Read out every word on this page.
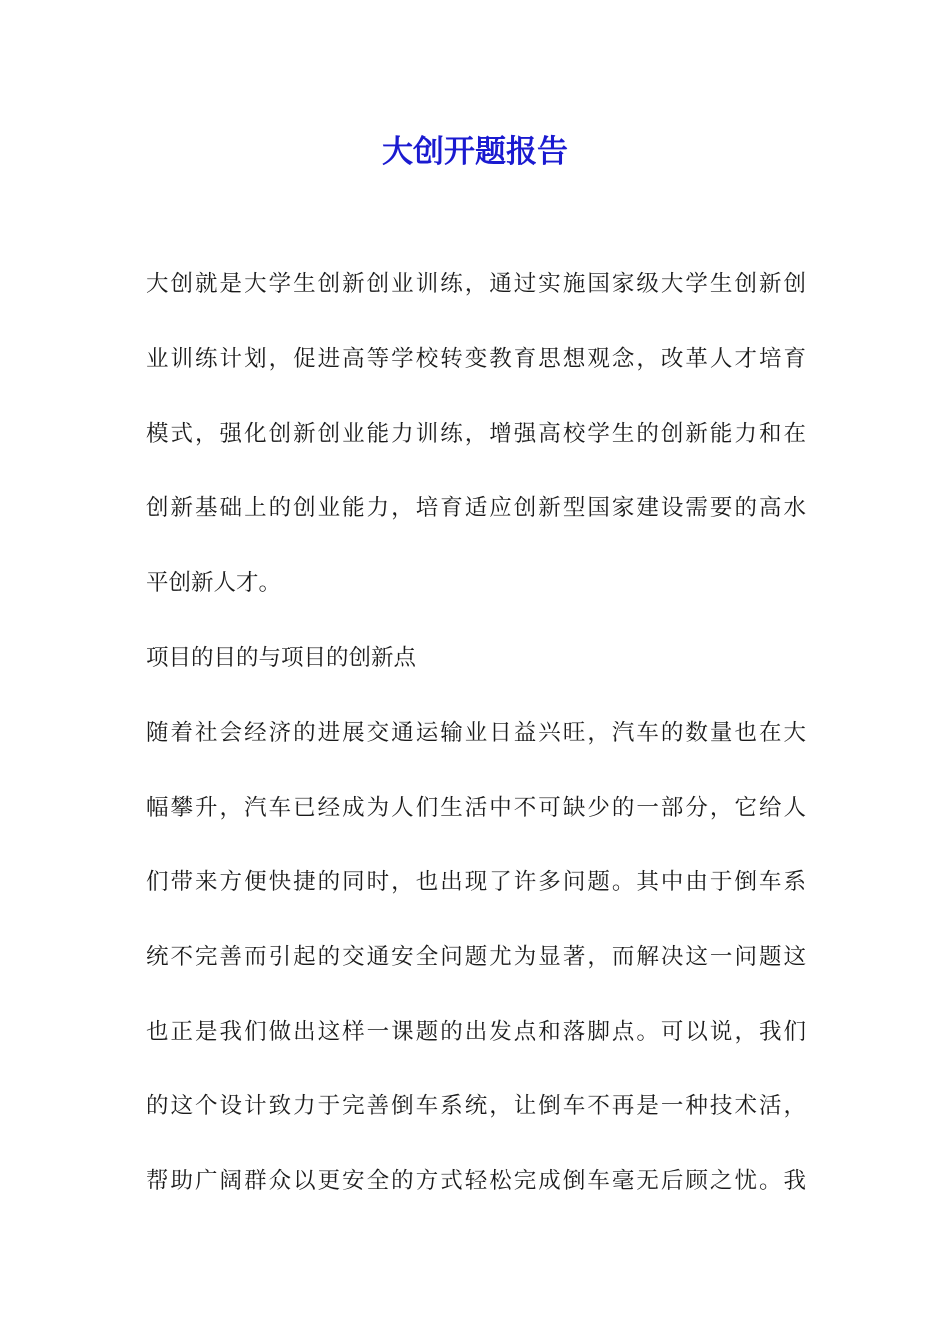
大创开题报告

大创就是大学生创新创业训练，通过实施国家级大学生创新创

业训练计划，促进高等学校转变教育思想观念，改革人才培育

模式，强化创新创业能力训练，增强高校学生的创新能力和在

创新基础上的创业能力，培育适应创新型国家建设需要的高水

平创新人才。

项目的目的与项目的创新点

随着社会经济的进展交通运输业日益兴旺，汽车的数量也在大

幅攀升，汽车已经成为人们生活中不可缺少的一部分，它给人

们带来方便快捷的同时，也出现了许多问题。其中由于倒车系

统不完善而引起的交通安全问题尤为显著，而解决这一问题这

也正是我们做出这样一课题的出发点和落脚点。可以说，我们

的这个设计致力于完善倒车系统，让倒车不再是一种技术活，

帮助广阔群众以更安全的方式轻松完成倒车毫无后顾之忧。我
